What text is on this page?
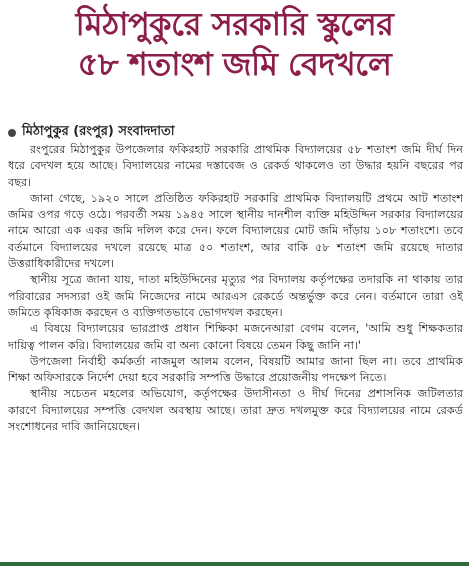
মিঠাপুকুরে সরকারি স্কুলের
৫৮ শতাংশ জমি বেদখলে
মিঠাপুকুর (রংপুর) সংবাদদাতা

রংপুরের মিঠাপুকুর উপজেলার ফকিরহাট সরকারি প্রাথমিক বিদ্যালয়ের ৫৮ শতাংশ জমি দীর্ঘ দিন ধরে বেদখল হয়ে আছে। বিদ্যালয়ের নামের দস্তাবেজ ও রেকর্ড থাকলেও তা উদ্ধার হয়নি বছরের পর বছর।

জানা গেছে, ১৯২০ সালে প্রতিষ্ঠিত ফকিরহাট সরকারি প্রাথমিক বিদ্যালয়টি প্রথমে আট শতাংশ জমির ওপর গড়ে ওঠে। পরবর্তী সময় ১৯৪৫ সালে স্থানীয় দানশীল ব্যক্তি মহিউদ্দিন সরকার বিদ্যালয়ের নামে আরো এক একর জমি দলিল করে দেন। ফলে বিদ্যালয়ের মোট জমি দাঁড়ায় ১০৮ শতাংশে। তবে বর্তমানে বিদ্যালয়ের দখলে রয়েছে মাত্র ৫০ শতাংশ, আর বাকি ৫৮ শতাংশ জমি রয়েছে দাতার উত্তরাধিকারীদের দখলে।

স্থানীয় সূত্রে জানা যায়, দাতা মহিউদ্দিনের মৃত্যুর পর বিদ্যালয় কর্তৃপক্ষের তদারকি না থাকায় তার পরিবারের সদস্যরা ওই জমি নিজেদের নামে আরএস রেকর্ডে অন্তর্ভুক্ত করে নেন। বর্তমানে তারা ওই জমিতে কৃষিকাজ করছেন ও ব্যক্তিগতভাবে ভোগদখল করছেন।

এ বিষয়ে বিদ্যালয়ের ভারপ্রাপ্ত প্রধান শিক্ষিকা মজনেআরা বেগম বলেন, 'আমি শুধু শিক্ষকতার দায়িত্ব পালন করি। বিদ্যালয়ের জমি বা অন্য কোনো বিষয়ে তেমন কিছু জানি না।'

উপজেলা নির্বাহী কর্মকর্তা নাজমুল আলম বলেন, বিষয়টি আমার জানা ছিল না। তবে প্রাথমিক শিক্ষা অফিসারকে নির্দেশ দেয়া হবে সরকারি সম্পত্তি উদ্ধারে প্রয়োজনীয় পদক্ষেপ নিতে।

স্থানীয় সচেতন মহলের অভিযোগ, কর্তৃপক্ষের উদাসীনতা ও দীর্ঘ দিনের প্রশাসনিক জটিলতার কারণে বিদ্যালয়ের সম্পত্তি বেদখল অবস্থায় আছে। তারা দ্রুত দখলমুক্ত করে বিদ্যালয়ের নামে রেকর্ড সংশোধনের দাবি জানিয়েছেন।
